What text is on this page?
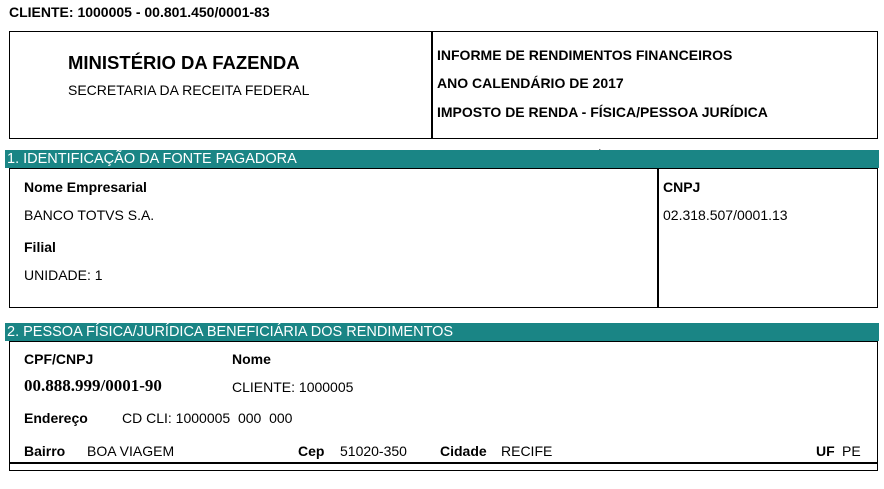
CLIENTE: 1000005 - 00.801.450/0001-83
MINISTÉRIO DA FAZENDA
SECRETARIA DA RECEITA FEDERAL
INFORME DE RENDIMENTOS FINANCEIROS
ANO CALENDÁRIO DE 2017
IMPOSTO DE RENDA - FÍSICA/PESSOA JURÍDICA
1. IDENTIFICAÇÃO DA FONTE PAGADORA
Nome Empresarial
BANCO TOTVS S.A.
Filial
UNIDADE: 1
CNPJ
02.318.507/0001.13
2. PESSOA FÍSICA/JURÍDICA BENEFICIÁRIA DOS RENDIMENTOS
CPF/CNPJ
00.888.999/0001-90
Nome
CLIENTE: 1000005
Endereço CD CLI: 1000005  000  000
Bairro BOA VIAGEM	Cep 51020-350 Cidade RECIFE	UF PE
